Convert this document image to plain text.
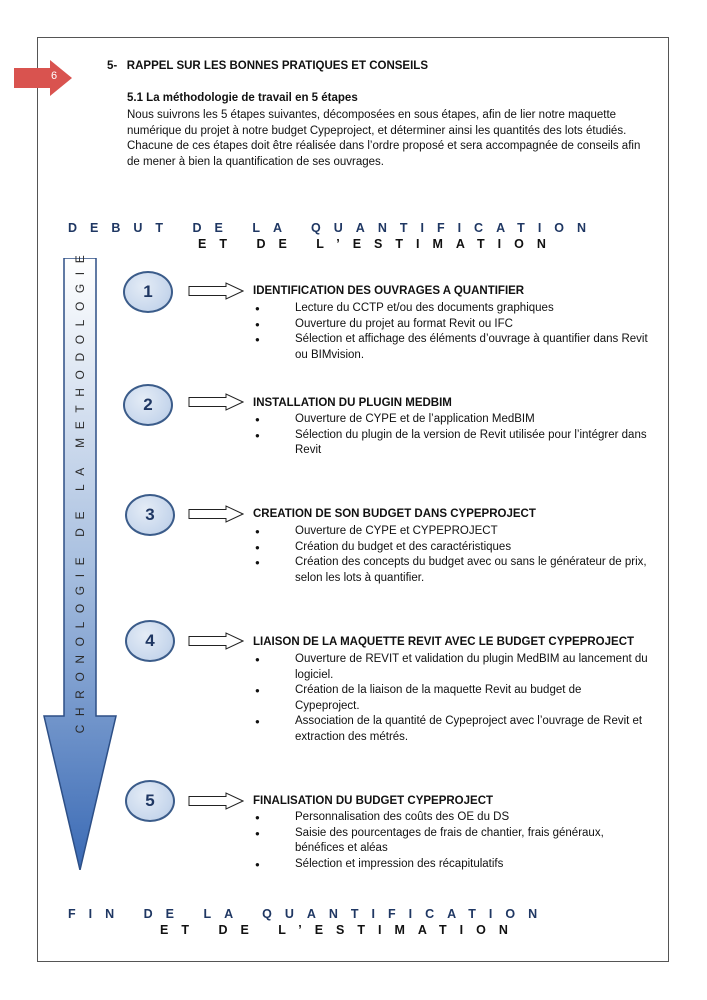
6
5-   RAPPEL SUR LES BONNES PRATIQUES ET CONSEILS
5.1 La méthodologie de travail en 5 étapes

Nous suivrons les 5 étapes suivantes, décomposées en sous étapes, afin de lier notre maquette numérique du projet à notre budget Cypeproject, et déterminer ainsi les quantités des lots étudiés.

Chacune de ces étapes doit être réalisée dans l’ordre proposé et sera accompagnée de conseils afin de mener à bien la quantification de ses ouvrages.

DEBUT DE LA QUANTIFICATION
ET DE L’ESTIMATION
CHRONOLOGIE DE LA METHODOLOGIE	1	IDENTIFICATION DES OUVRAGES A QUANTIFIER
● Lecture du CCTP et/ou des documents graphiques
● Ouverture du projet au format Revit ou IFC
● Sélection et affichage des éléments d’ouvrage à quantifier dans Revit ou BIMvision.
2	INSTALLATION DU PLUGIN MEDBIM
● Ouverture de CYPE et de l’application MedBIM
● Sélection du plugin de la version de Revit utilisée pour l’intégrer dans Revit
3	CREATION DE SON BUDGET DANS CYPEPROJECT
● Ouverture de CYPE et CYPEPROJECT
● Création du budget et des caractéristiques
● Création des concepts du budget avec ou sans le générateur de prix, selon les lots à quantifier.
4	LIAISON DE LA MAQUETTE REVIT AVEC LE BUDGET CYPEPROJECT
● Ouverture de REVIT et validation du plugin MedBIM au lancement du logiciel.
● Création de la liaison de la maquette Revit au budget de Cypeproject.
● Association de la quantité de Cypeproject avec l’ouvrage de Revit et extraction des métrés.
5	FINALISATION DU BUDGET CYPEPROJECT
● Personnalisation des coûts des OE du DS
● Saisie des pourcentages de frais de chantier, frais généraux, bénéfices et aléas
● Sélection et impression des récapitulatifs
FIN DE LA QUANTIFICATION
ET DE L’ESTIMATION
